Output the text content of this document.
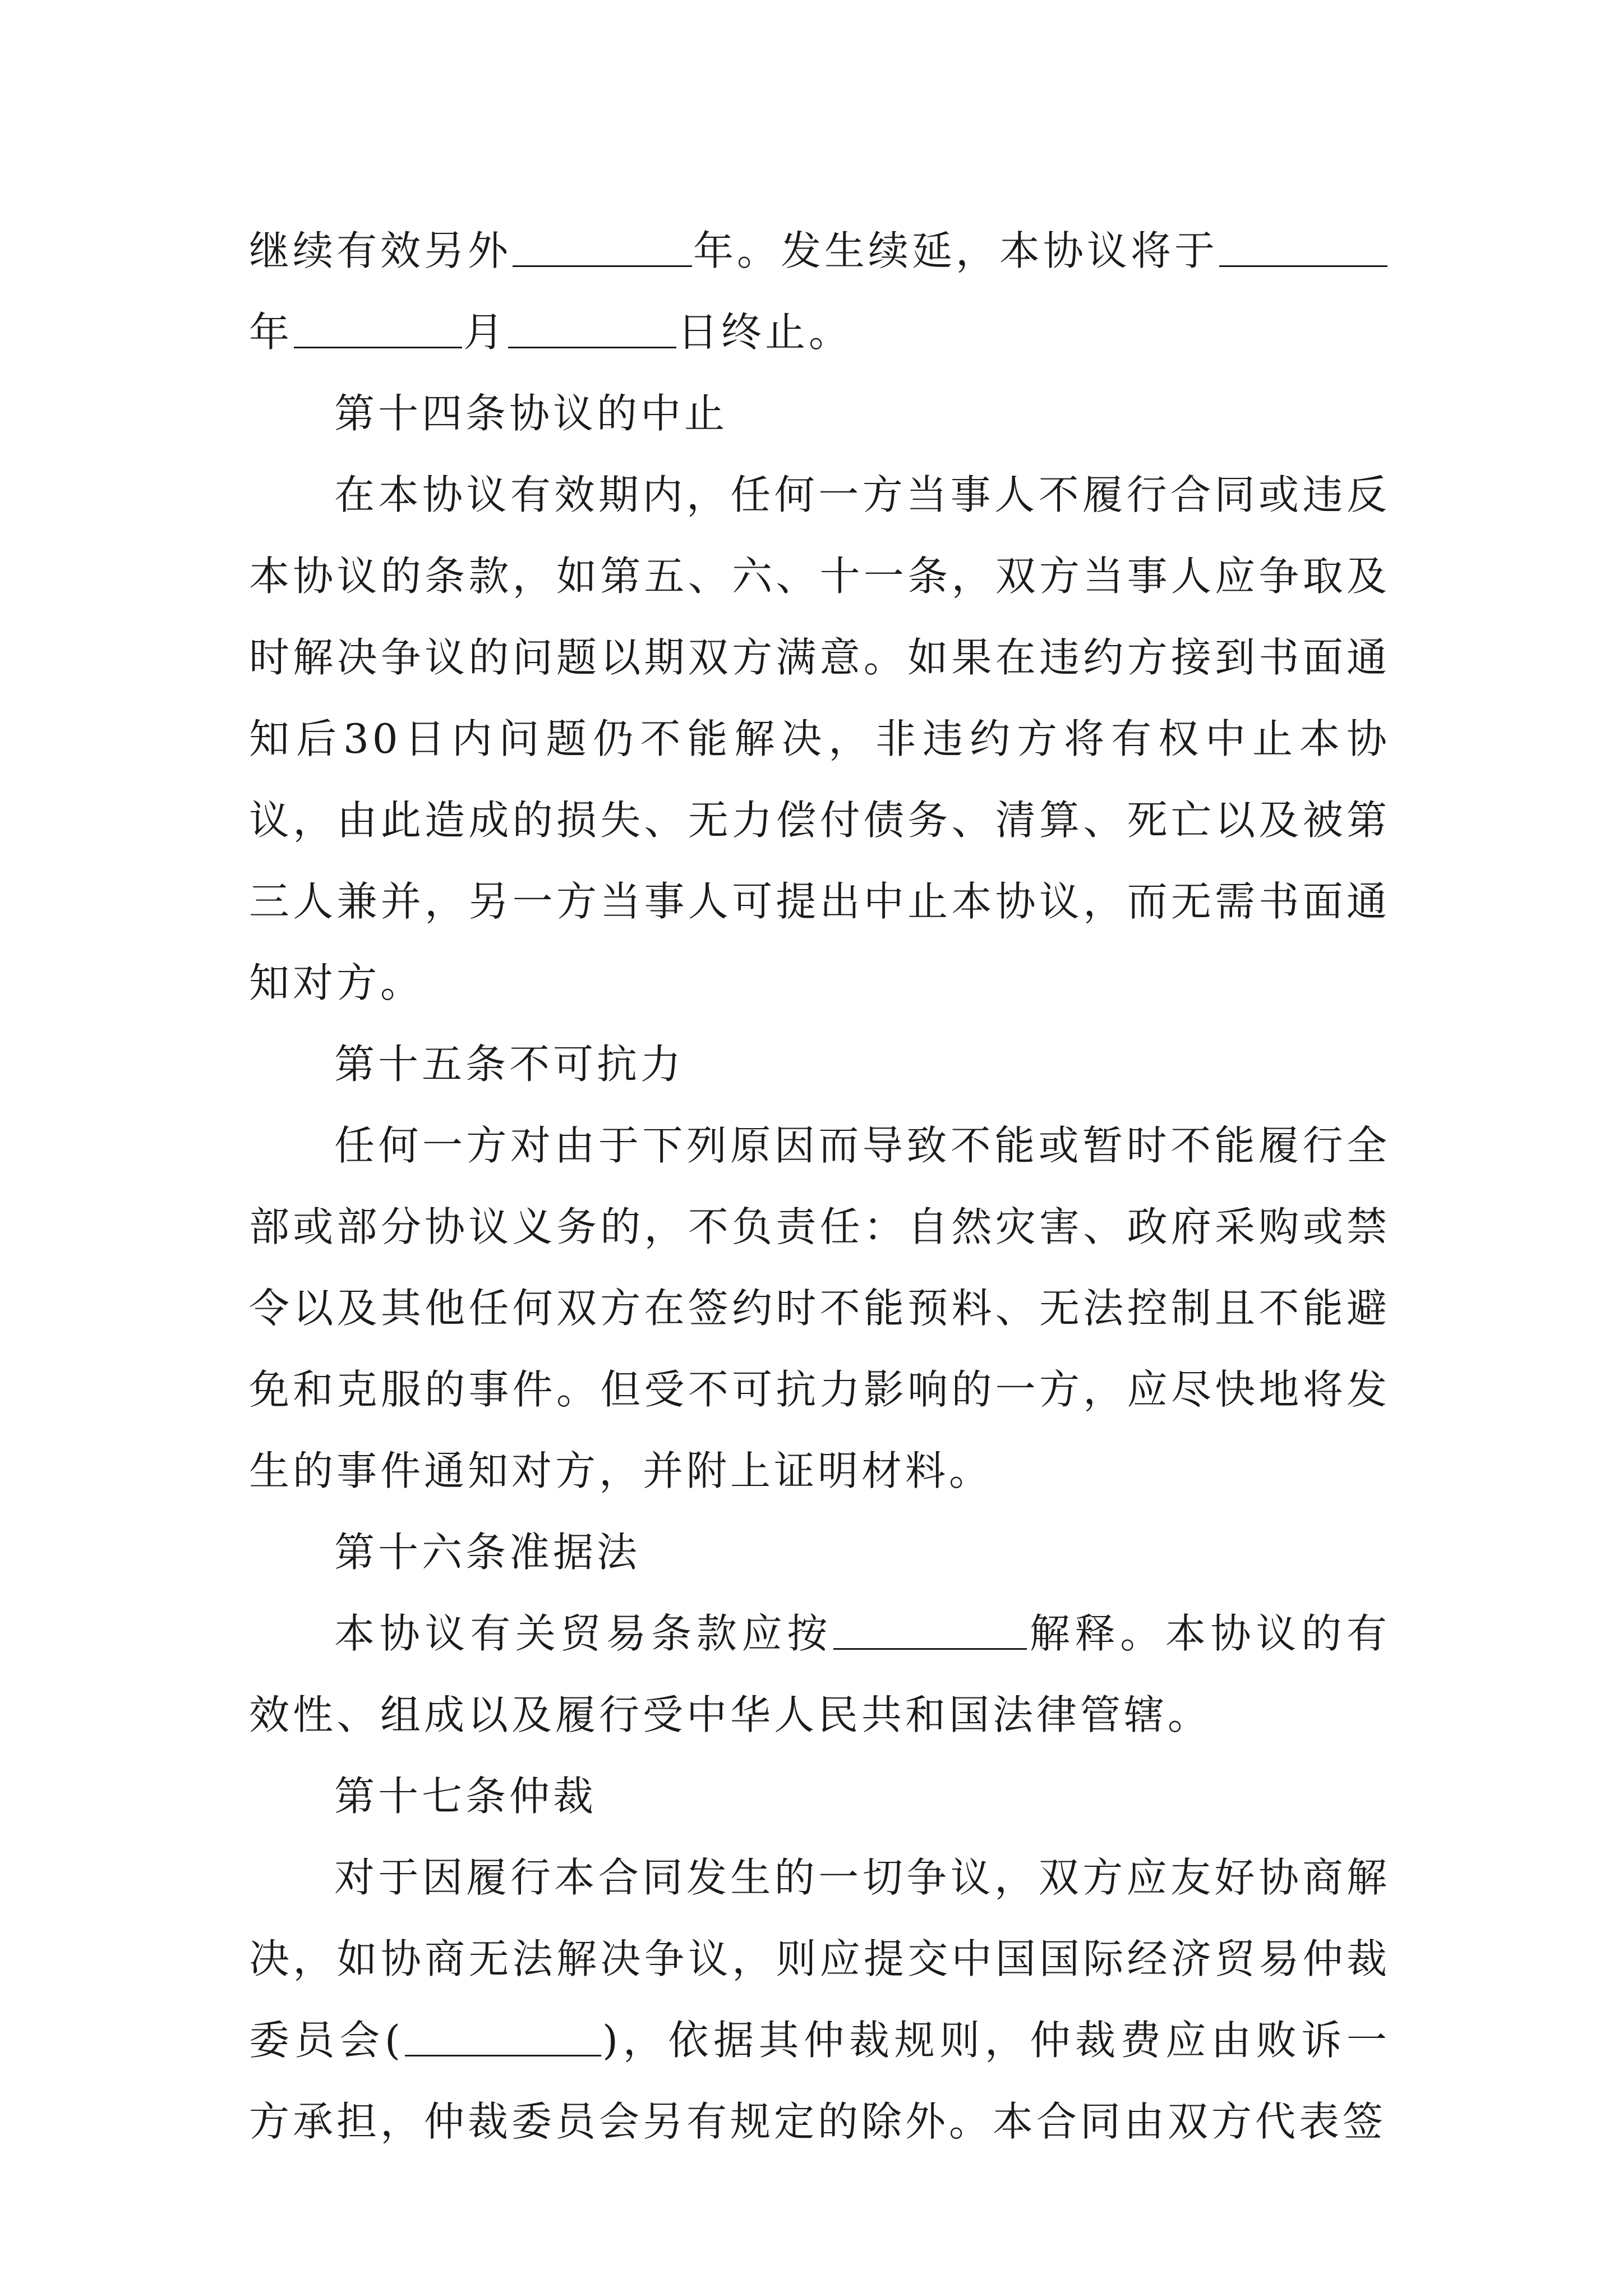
继续有效另外	年。发生续延，本协议将于
年	月	日终止。

第十四条协议的中止

在本协议有效期内，任何一方当事人不履行合同或违反本协议的条款，如第五、六、十一条，双方当事人应争取及时解决争议的问题以期双方满意。如果在违约方接到书面通知后30日内问题仍不能解决，非违约方将有权中止本协议，由此造成的损失、无力偿付债务、清算、死亡以及被第三人兼并，另一方当事人可提出中止本协议，而无需书面通知对方。

第十五条不可抗力

任何一方对由于下列原因而导致不能或暂时不能履行全部或部分协议义务的，不负责任：自然灾害、政府采购或禁令以及其他任何双方在签约时不能预料、无法控制且不能避免和克服的事件。但受不可抗力影响的一方，应尽快地将发生的事件通知对方，并附上证明材料。

第十六条准据法

本协议有关贸易条款应按	解释。本协议的有效性、组成以及履行受中华人民共和国法律管辖。

第十七条仲裁

对于因履行本合同发生的一切争议，双方应友好协商解决，如协商无法解决争议，则应提交中国国际经济贸易仲裁委员会(	)，依据其仲裁规则，仲裁费应由败诉一方承担，仲裁委员会另有规定的除外。本合同由双方代表签
